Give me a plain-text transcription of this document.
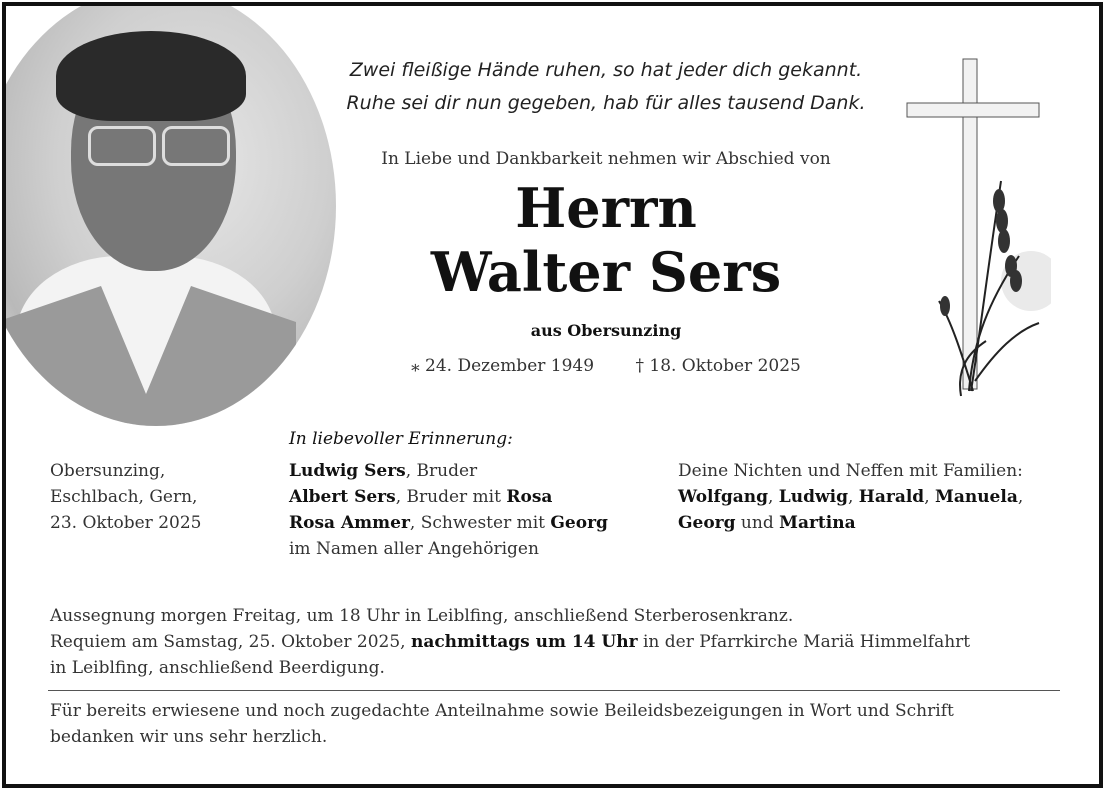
Zwei fleißige Hände ruhen, so hat jeder dich gekannt.
Ruhe sei dir nun gegeben, hab für alles tausend Dank.
In Liebe und Dankbarkeit nehmen wir Abschied von
Herrn
Walter Sers
aus Obersunzing
⁎ 24. Dezember 1949 † 18. Oktober 2025
In liebevoller Erinnerung:
Obersunzing,
Eschlbach, Gern,
23. Oktober 2025
Ludwig Sers, Bruder
Albert Sers, Bruder mit Rosa
Rosa Ammer, Schwester mit Georg
im Namen aller Angehörigen
Deine Nichten und Neffen mit Familien:
Wolfgang, Ludwig, Harald, Manuela,
Georg und Martina
Aussegnung morgen Freitag, um 18 Uhr in Leiblfing, anschließend Sterberosenkranz.
Requiem am Samstag, 25. Oktober 2025, nachmittags um 14 Uhr in der Pfarrkirche Mariä Himmelfahrt
in Leiblfing, anschließend Beerdigung.
Für bereits erwiesene und noch zugedachte Anteilnahme sowie Beileidsbezeigungen in Wort und Schrift
bedanken wir uns sehr herzlich.
